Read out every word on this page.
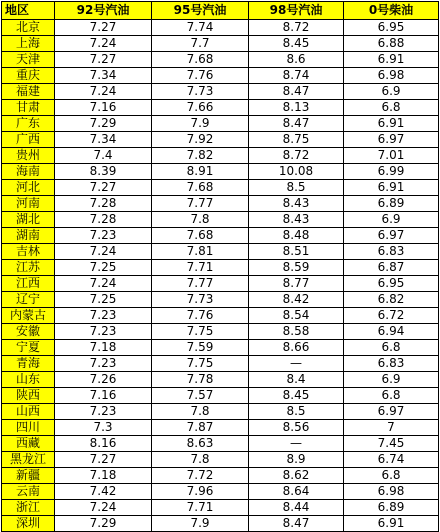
地区	92号汽油	95号汽油	98号汽油	0号柴油
北京	7.27	7.74	8.72	6.95
上海	7.24	7.7	8.45	6.88
天津	7.27	7.68	8.6	6.91
重庆	7.34	7.76	8.74	6.98
福建	7.24	7.73	8.47	6.9
甘肃	7.16	7.66	8.13	6.8
广东	7.29	7.9	8.47	6.91
广西	7.34	7.92	8.75	6.97
贵州	7.4	7.82	8.72	7.01
海南	8.39	8.91	10.08	6.99
河北	7.27	7.68	8.5	6.91
河南	7.28	7.77	8.43	6.89
湖北	7.28	7.8	8.43	6.9
湖南	7.23	7.68	8.48	6.97
吉林	7.24	7.81	8.51	6.83
江苏	7.25	7.71	8.59	6.87
江西	7.24	7.77	8.77	6.95
辽宁	7.25	7.73	8.42	6.82
内蒙古	7.23	7.76	8.54	6.72
安徽	7.23	7.75	8.58	6.94
宁夏	7.18	7.59	8.66	6.8
青海	7.23	7.75	—	6.83
山东	7.26	7.78	8.4	6.9
陕西	7.16	7.57	8.45	6.8
山西	7.23	7.8	8.5	6.97
四川	7.3	7.87	8.56	7
西藏	8.16	8.63	—	7.45
黑龙江	7.27	7.8	8.9	6.74
新疆	7.18	7.72	8.62	6.8
云南	7.42	7.96	8.64	6.98
浙江	7.24	7.71	8.44	6.89
深圳	7.29	7.9	8.47	6.91
